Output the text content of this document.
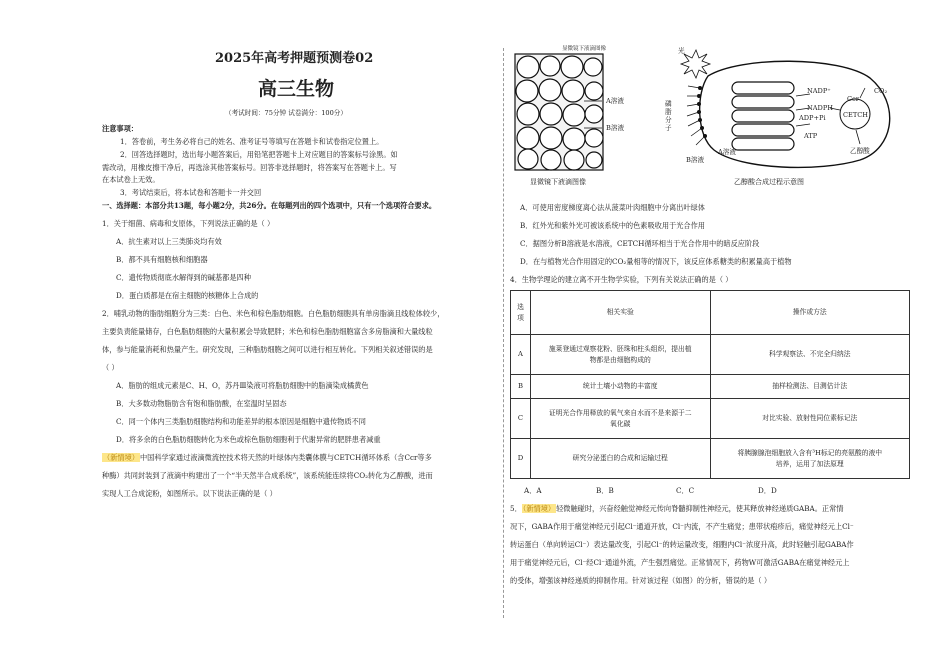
2025年高考押题预测卷02
高三生物
（考试时间：75分钟 试卷满分：100分）
注意事项：
1．答卷前，考生务必将自己的姓名、准考证号等填写在答题卡和试卷指定位置上。
2．回答选择题时，选出每小题答案后，用铅笔把答题卡上对应题目的答案标号涂黑。如
需改动，用橡皮擦干净后，再选涂其他答案标号。回答非选择题时，将答案写在答题卡上。写
在本试卷上无效。
3．考试结束后，将本试卷和答题卡一并交回
一、选择题：本部分共13题，每小题2分，共26分。在每题列出的四个选项中，只有一个选项符合要求。
1．关于细菌、病毒和支原体，下列说法正确的是（ ）
A．抗生素对以上三类肺炎均有效
B．都不具有细胞核和细胞器
C．遗传物质彻底水解得到的碱基都是四种
D．蛋白质都是在宿主细胞的核糖体上合成的
2．哺乳动物的脂肪细胞分为三类：白色、米色和棕色脂肪细胞。白色脂肪细胞具有单房脂滴且线粒体较少，
主要负责能量储存，白色脂肪细胞的大量积累会导致肥胖；米色和棕色脂肪细胞富含多房脂滴和大量线粒
体，参与能量消耗和热量产生。研究发现，三种脂肪细胞之间可以进行相互转化。下列相关叙述错误的是
（ ）
A．脂肪的组成元素是C、H、O，苏丹Ⅲ染液可将脂肪细胞中的脂滴染成橘黄色
B．大多数动物脂肪含有饱和脂肪酸，在室温时呈固态
C．同一个体内三类脂肪细胞结构和功能差异的根本原因是细胞中遗传物质不同
D．将多余的白色脂肪细胞转化为米色或棕色脂肪细胞利于代谢异常的肥胖患者减重
（新情境）中国科学家通过液滴微流控技术将天然的叶绿体内类囊体膜与CETCH循环体系（含Ccr等多
种酶）共同封装到了液滴中构建出了一个“半天然半合成系统”，该系统能连续将CO₂转化为乙醇酸，进而
实现人工合成淀粉，如图所示。以下说法正确的是（ ）
显微镜下液滴图像
A溶液
B溶液
显微镜下液滴图像
光
磷脂分子
NADP⁺
NADPH
ADP+Pi
ATP
CO₂
Ccr
CETCH
乙醇酸
A溶液
B溶液
乙醇酸合成过程示意图
A．可使用密度梯度离心法从菠菜叶肉细胞中分离出叶绿体
B．红外光和紫外光可被该系统中的色素吸收用于光合作用
C．据图分析B溶液是水溶液，CETCH循环相当于光合作用中的暗反应阶段
D．在与植物光合作用固定的CO₂量相等的情况下，该反应体系糖类的积累量高于植物
4．生物学理论的建立离不开生物学实验，下列有关说法正确的是（ ）
选项	相关实验	操作或方法
A	施莱登通过观察花粉、胚珠和柱头组织，提出植
物都是由细胞构成的	科学观察法、不完全归纳法
B	统计土壤小动物的丰富度	抽样检测法、目测估计法
C	证明光合作用释放的氧气来自水而不是来源于二
氧化碳	对比实验、放射性同位素标记法
D	研究分泌蛋白的合成和运输过程	将胰腺腺泡细胞放入含有³H标记的亮氨酸的液中
培养，运用了加法原理
A．A	B．B	C．C	D．D
5．（新情境）轻微触碰时，兴奋经触觉神经元传向脊髓抑制性神经元，使其释放神经递质GABA。正常情
况下，GABA作用于痛觉神经元引起Cl⁻通道开放，Cl⁻内流，不产生痛觉；患带状疱疹后，痛觉神经元上Cl⁻
转运蛋白（单向转运Cl⁻）表达量改变，引起Cl⁻的转运量改变，细胞内Cl⁻浓度升高，此时轻触引起GABA作
用于痛觉神经元后，Cl⁻经Cl⁻通道外流，产生强烈痛觉。正常情况下，药物W可激活GABA在痛觉神经元上
的受体，增强该神经递质的抑制作用。针对该过程（如图）的分析，错误的是（ ）
